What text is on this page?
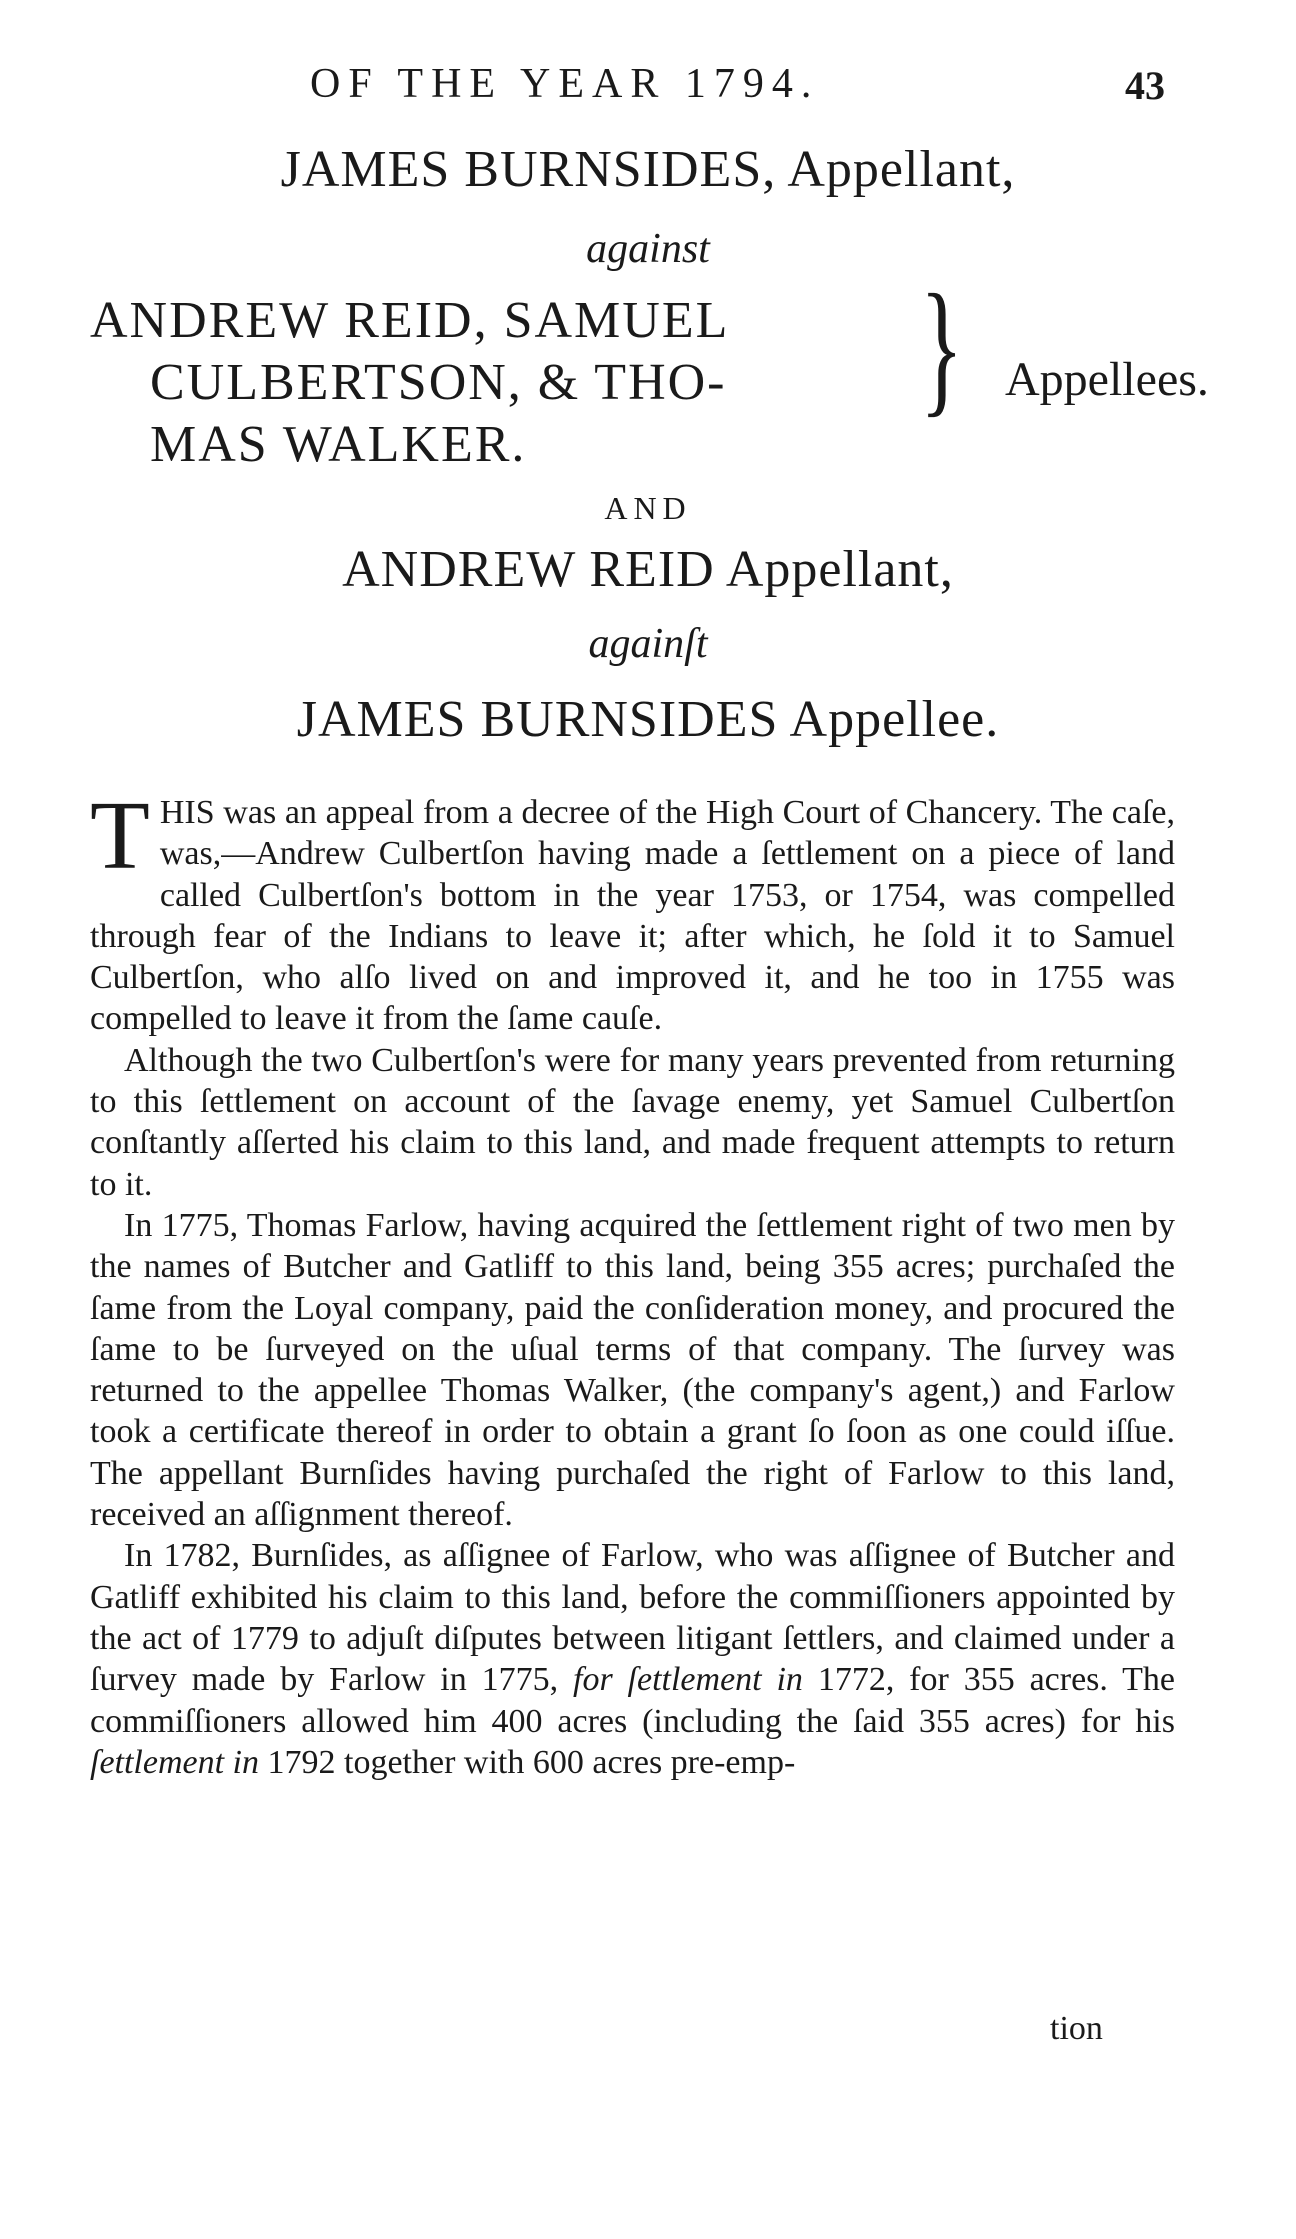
OF THE YEAR 1794.	43
JAMES BURNSIDES, Appellant,
against
ANDREW REID, SAMUEL
CULBERTSON, & THO-
MAS WALKER.
} Appellees.
AND
ANDREW REID Appellant,
againſt
JAMES BURNSIDES Appellee.

THIS was an appeal from a decree of the High Court of Chancery. The caſe, was,—Andrew Culbertſon having made a ſettlement on a piece of land called Culbertſon's bottom in the year 1753, or 1754, was compelled through fear of the Indians to leave it; after which, he ſold it to Samuel Culbertſon, who alſo lived on and improved it, and he too in 1755 was compelled to leave it from the ſame cauſe.

Although the two Culbertſon's were for many years prevented from returning to this ſettlement on account of the ſavage enemy, yet Samuel Culbertſon conſtantly aſſerted his claim to this land, and made frequent attempts to return to it.

In 1775, Thomas Farlow, having acquired the ſettlement right of two men by the names of Butcher and Gatliff to this land, being 355 acres; purchaſed the ſame from the Loyal company, paid the conſideration money, and procured the ſame to be ſurveyed on the uſual terms of that company. The ſurvey was returned to the appellee Thomas Walker, (the company's agent,) and Farlow took a certificate thereof in order to obtain a grant ſo ſoon as one could iſſue. The appellant Burnſides having purchaſed the right of Farlow to this land, received an aſſignment thereof.

In 1782, Burnſides, as aſſignee of Farlow, who was aſſignee of Butcher and Gatliff exhibited his claim to this land, before the commiſſioners appointed by the act of 1779 to adjuſt diſputes between litigant ſettlers, and claimed under a ſurvey made by Farlow in 1775, for ſettlement in 1772, for 355 acres. The commiſſioners allowed him 400 acres (including the ſaid 355 acres) for his ſettlement in 1792 together with 600 acres pre-emp-

tion
